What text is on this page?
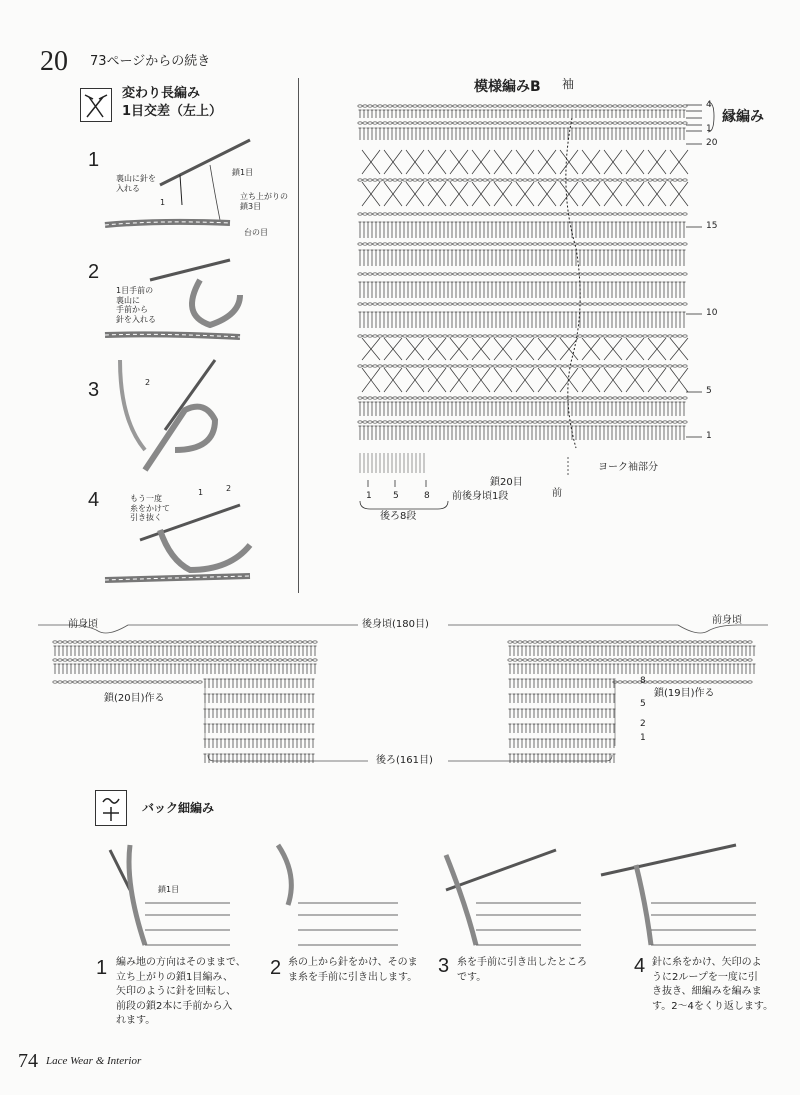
20 73ページからの続き
変わり長編み
1目交差（左上）
1
裏山に針を
入れる
1
鎖1目
立ち上がりの
鎖3目
台の目
2
1目手前の
裏山に
手前から
針を入れる
3	2
4	もう一度
糸をかけて
引き抜く
1	2
模様編みB 袖
縁編み
4
1
20
15
10
5
1
1 5	8
鎖20目
前後身頃1段	前
ヨーク袖部分
後ろ8段
前身頃	後身頃(180目)	前身頃
鎖(20目)作る	鎖(19目)作る
後ろ(161目)
8
5
2
1
バック細編み
鎖1目
1 編み地の方向はそのままで、
立ち上がりの鎖1目編み、
矢印のように針を回転し、
前段の鎖2本に手前から入
れます。
2 糸の上から針をかけ、そのま
ま糸を手前に引き出します。 3 糸を手前に引き出したところ
です。	4 針に糸をかけ、矢印のよ
うに2ループを一度に引
き抜き、細編みを編みま
す。2～4をくり返します。
74 Lace Wear & Interior
